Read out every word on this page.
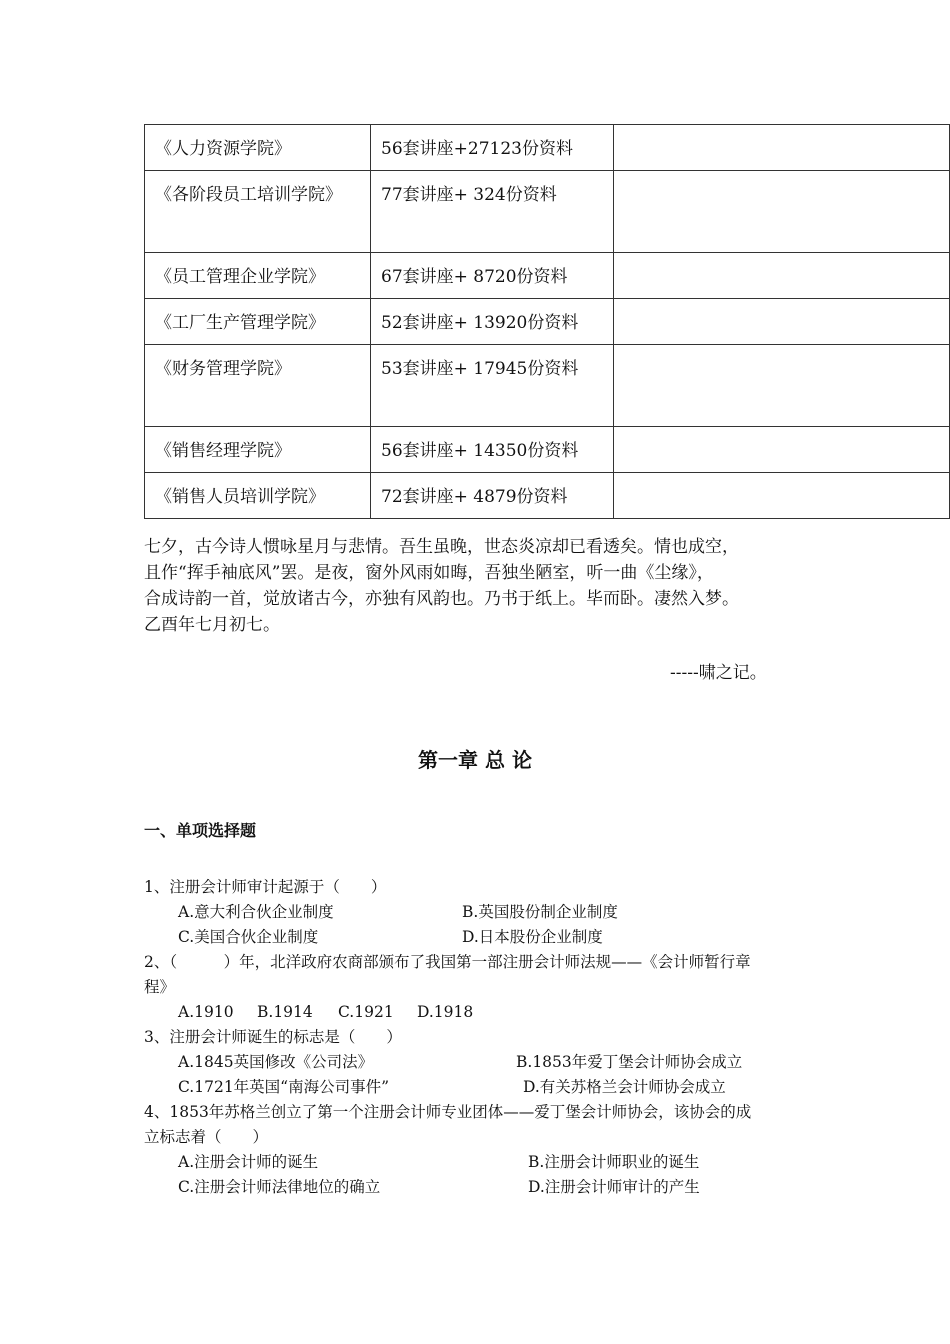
《人力资源学院》	56套讲座+27123份资料	
《各阶段员工培训学院》	77套讲座+ 324份资料	
《员工管理企业学院》	67套讲座+ 8720份资料	
《工厂生产管理学院》	52套讲座+ 13920份资料	
《财务管理学院》	53套讲座+ 17945份资料	
《销售经理学院》	56套讲座+ 14350份资料	
《销售人员培训学院》	72套讲座+ 4879份资料	

七夕，古今诗人惯咏星月与悲情。吾生虽晚，世态炎凉却已看透矣。情也成空，

且作“挥手袖底风”罢。是夜，窗外风雨如晦，吾独坐陋室，听一曲《尘缘》，

合成诗韵一首，觉放诸古今，亦独有风韵也。乃书于纸上。毕而卧。凄然入梦。

乙酉年七月初七。

-----啸之记。
第一章 总 论
一、单项选择题
1、注册会计师审计起源于（　　）
A.意大利合伙企业制度	B.英国股份制企业制度
C.美国合伙企业制度	D.日本股份企业制度
2、（　　　）年，北洋政府农商部颁布了我国第一部注册会计师法规——《会计师暂行章
程》
A.1910 B.1914 C.1921 D.1918
3、注册会计师诞生的标志是（　　）
A.1845英国修改《公司法》	B.1853年爱丁堡会计师协会成立
C.1721年英国“南海公司事件”	D.有关苏格兰会计师协会成立
4、1853年苏格兰创立了第一个注册会计师专业团体——爱丁堡会计师协会，该协会的成
立标志着（　　）
A.注册会计师的诞生	B.注册会计师职业的诞生
C.注册会计师法律地位的确立	D.注册会计师审计的产生
